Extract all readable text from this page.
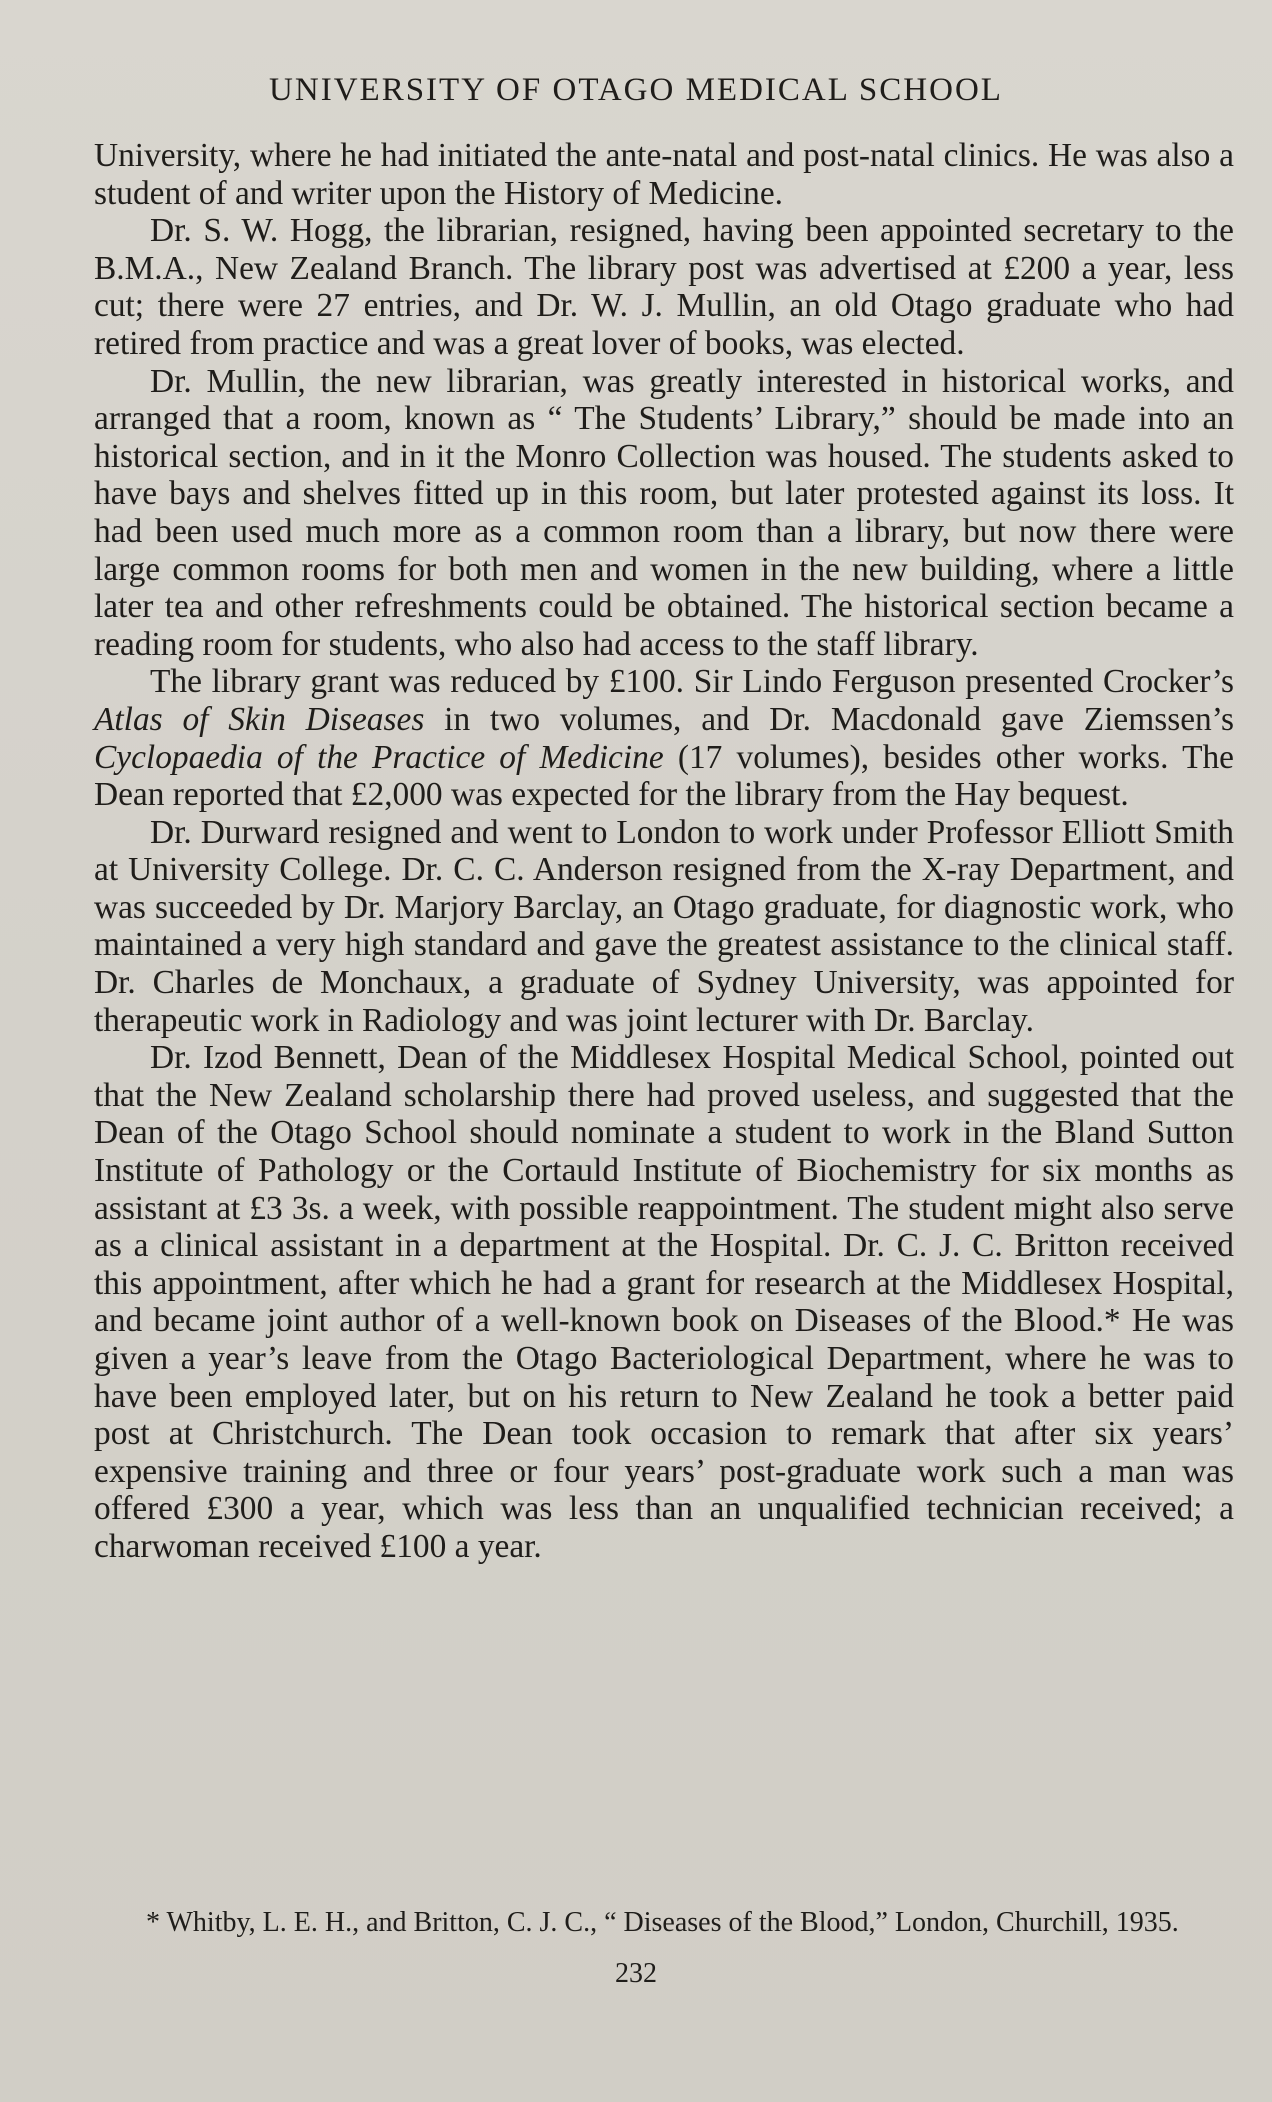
UNIVERSITY OF OTAGO MEDICAL SCHOOL

University, where he had initiated the ante-natal and post-natal clinics. He was also a student of and writer upon the History of Medicine.

Dr. S. W. Hogg, the librarian, resigned, having been appointed secretary to the B.M.A., New Zealand Branch. The library post was advertised at £200 a year, less cut; there were 27 entries, and Dr. W. J. Mullin, an old Otago graduate who had retired from practice and was a great lover of books, was elected.

Dr. Mullin, the new librarian, was greatly interested in historical works, and arranged that a room, known as “ The Students’ Library,” should be made into an historical section, and in it the Monro Collection was housed. The students asked to have bays and shelves fitted up in this room, but later protested against its loss. It had been used much more as a common room than a library, but now there were large common rooms for both men and women in the new building, where a little later tea and other refreshments could be obtained. The historical section became a reading room for students, who also had access to the staff library.

The library grant was reduced by £100. Sir Lindo Ferguson presented Crocker’s Atlas of Skin Diseases in two volumes, and Dr. Macdonald gave Ziemssen’s Cyclopaedia of the Practice of Medicine (17 volumes), besides other works. The Dean reported that £2,000 was expected for the library from the Hay bequest.

Dr. Durward resigned and went to London to work under Professor Elliott Smith at University College. Dr. C. C. Anderson resigned from the X-ray Department, and was succeeded by Dr. Marjory Barclay, an Otago graduate, for diagnostic work, who maintained a very high standard and gave the greatest assistance to the clinical staff. Dr. Charles de Monchaux, a graduate of Sydney University, was appointed for therapeutic work in Radiology and was joint lecturer with Dr. Barclay.

Dr. Izod Bennett, Dean of the Middlesex Hospital Medical School, pointed out that the New Zealand scholarship there had proved useless, and suggested that the Dean of the Otago School should nominate a student to work in the Bland Sutton Institute of Pathology or the Cortauld Institute of Biochemistry for six months as assistant at £3 3s. a week, with possible reappointment. The student might also serve as a clinical assistant in a department at the Hospital. Dr. C. J. C. Britton received this appointment, after which he had a grant for research at the Middlesex Hospital, and became joint author of a well-known book on Diseases of the Blood.* He was given a year’s leave from the Otago Bacteriological Department, where he was to have been employed later, but on his return to New Zealand he took a better paid post at Christchurch. The Dean took occasion to remark that after six years’ expensive training and three or four years’ post-graduate work such a man was offered £300 a year, which was less than an unqualified technician received; a charwoman received £100 a year.

* Whitby, L. E. H., and Britton, C. J. C., “ Diseases of the Blood,” London, Churchill, 1935.
232
